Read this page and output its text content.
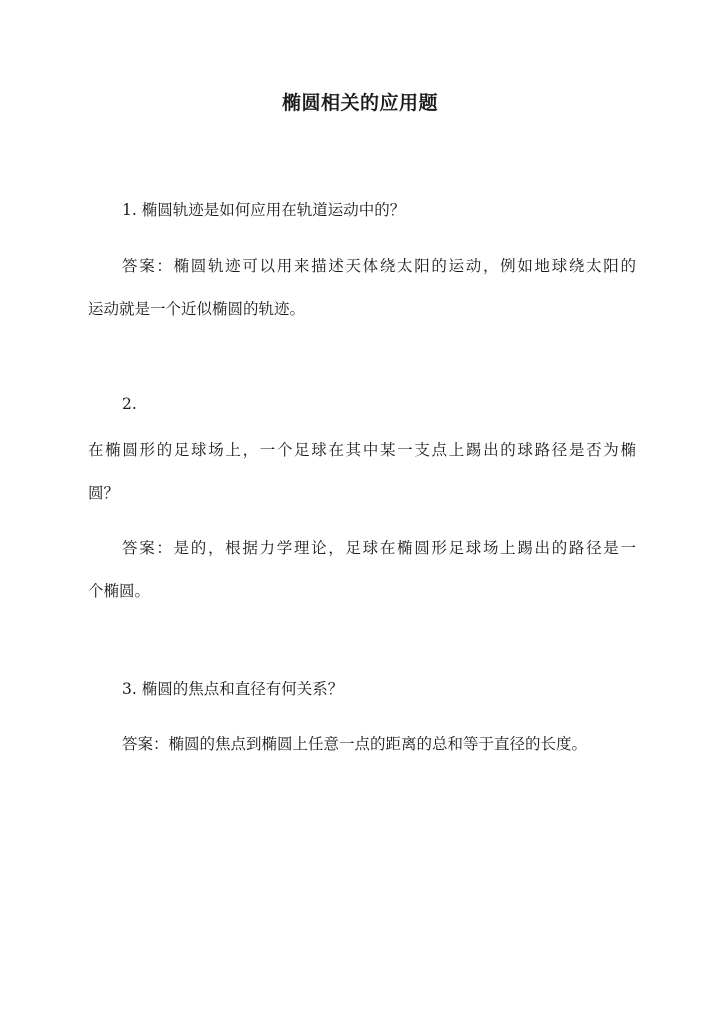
椭圆相关的应用题
1. 椭圆轨迹是如何应用在轨道运动中的？
答案：椭圆轨迹可以用来描述天体绕太阳的运动，例如地球绕太阳的
运动就是一个近似椭圆的轨迹。
2.
在椭圆形的足球场上，一个足球在其中某一支点上踢出的球路径是否为椭
圆？
答案：是的，根据力学理论，足球在椭圆形足球场上踢出的路径是一
个椭圆。
3. 椭圆的焦点和直径有何关系？
答案：椭圆的焦点到椭圆上任意一点的距离的总和等于直径的长度。
